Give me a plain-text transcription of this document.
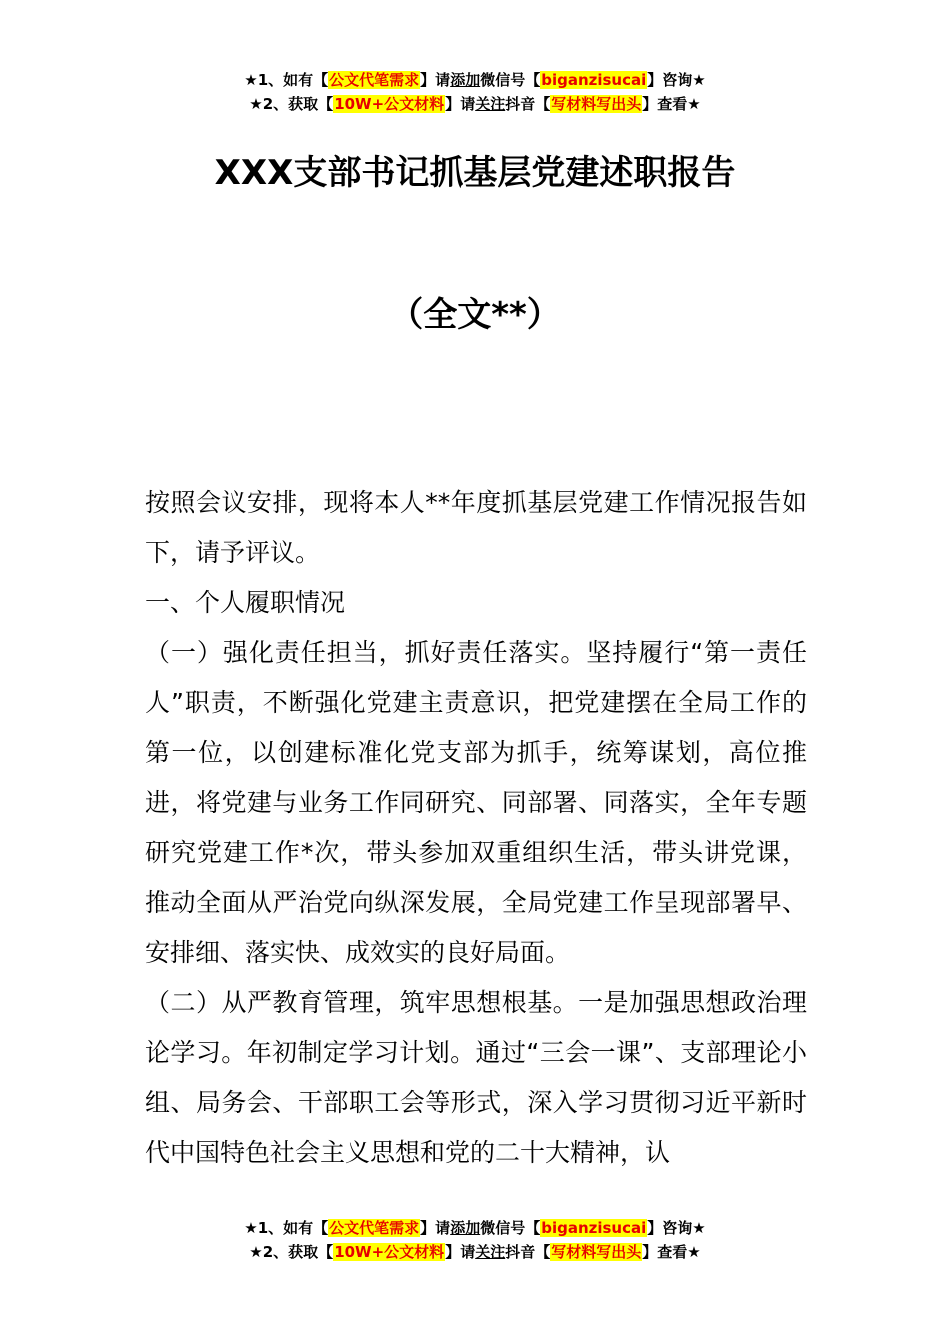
★1、如有【公文代笔需求】请添加微信号【biganzisucai】咨询★
★2、获取【10W+公文材料】请关注抖音【写材料写出头】查看★
XXX支部书记抓基层党建述职报告
（全文**）

按照会议安排，现将本人**年度抓基层党建工作情况报告如下，请予评议。

一、个人履职情况

（一）强化责任担当，抓好责任落实。坚持履行“第一责任人”职责，不断强化党建主责意识，把党建摆在全局工作的第一位，以创建标准化党支部为抓手，统筹谋划，高位推进，将党建与业务工作同研究、同部署、同落实，全年专题研究党建工作*次，带头参加双重组织生活，带头讲党课，推动全面从严治党向纵深发展，全局党建工作呈现部署早、安排细、落实快、成效实的良好局面。

（二）从严教育管理，筑牢思想根基。一是加强思想政治理论学习。年初制定学习计划。通过“三会一课”、支部理论小组、局务会、干部职工会等形式，深入学习贯彻习近平新时代中国特色社会主义思想和党的二十大精神，认

★1、如有【公文代笔需求】请添加微信号【biganzisucai】咨询★
★2、获取【10W+公文材料】请关注抖音【写材料写出头】查看★
